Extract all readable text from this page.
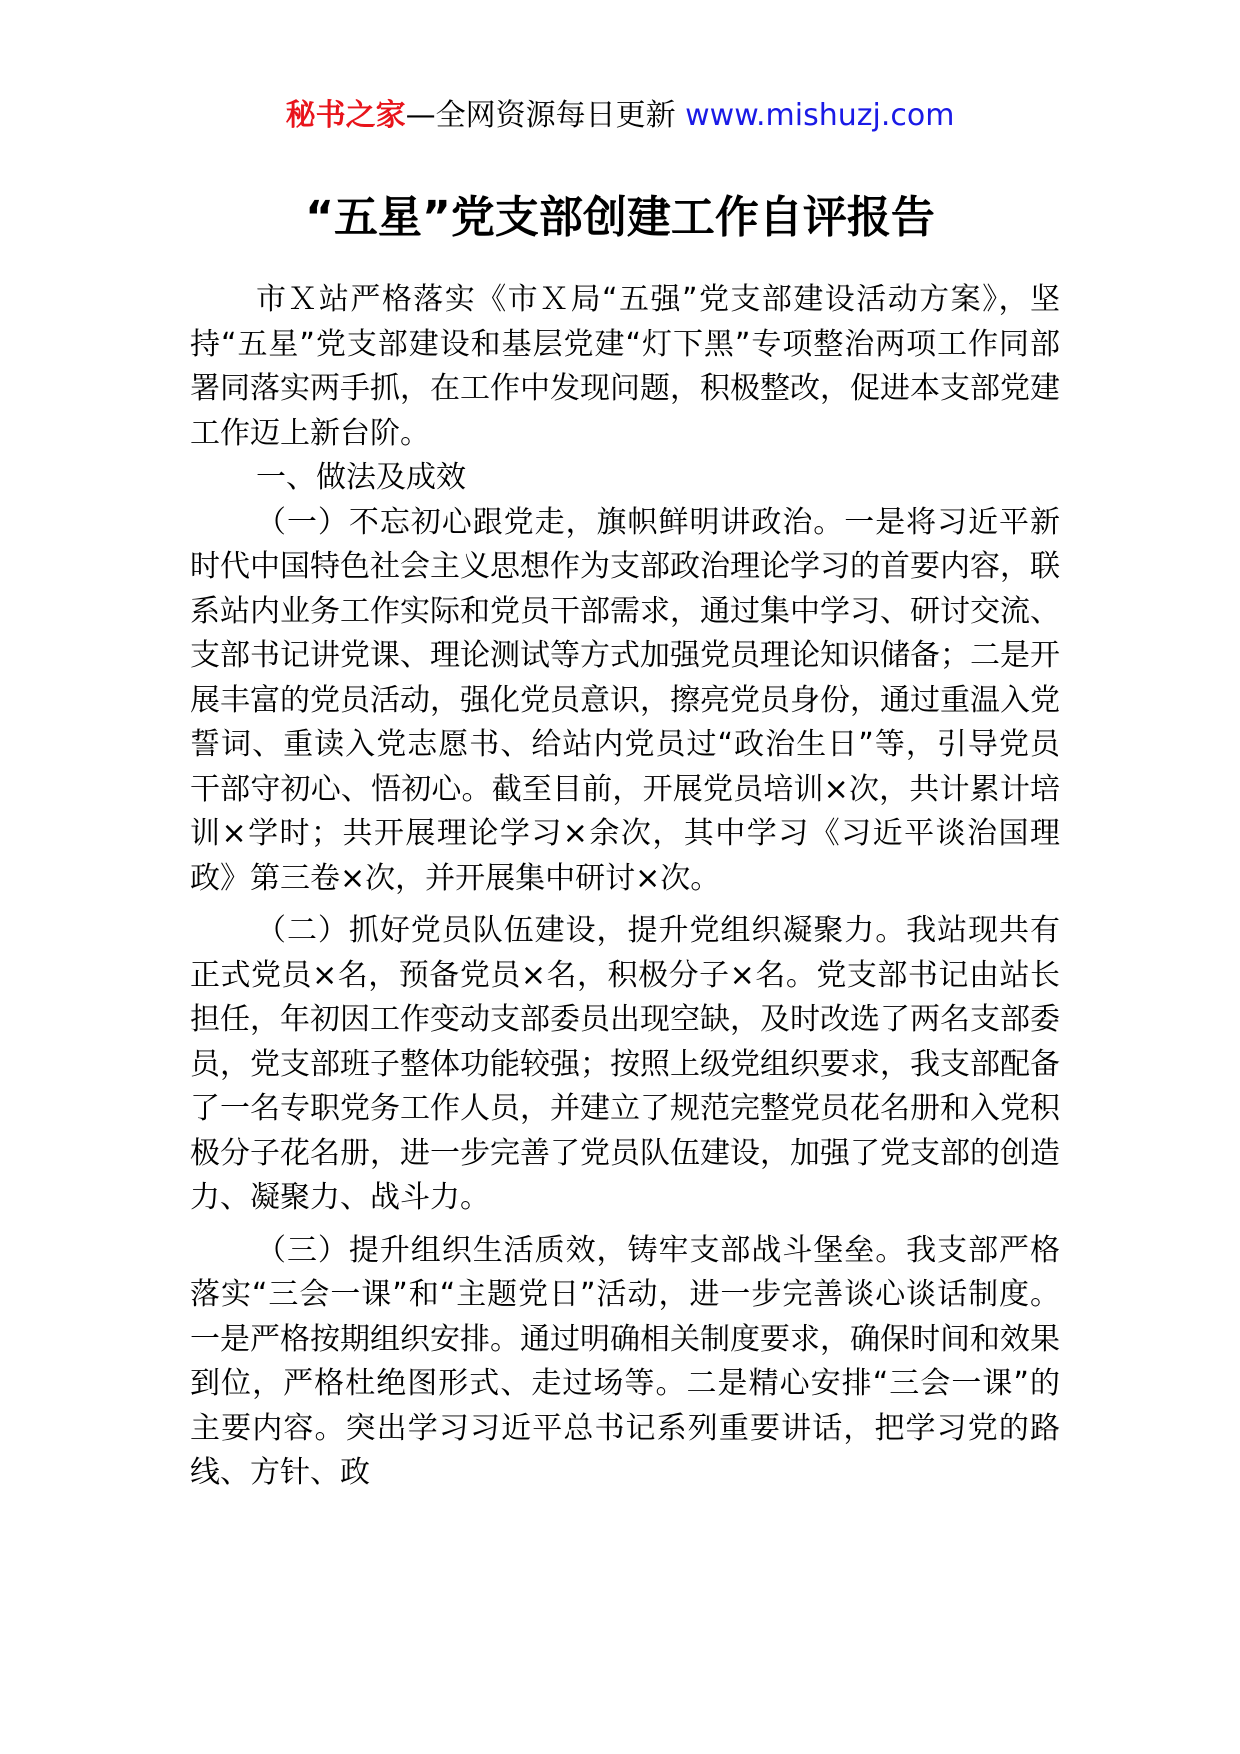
秘书之家—全网资源每日更新 www.mishuzj.com
“五星”党支部创建工作自评报告

市Ｘ站严格落实《市Ｘ局“五强”党支部建设活动方案》，坚持“五星”党支部建设和基层党建“灯下黑”专项整治两项工作同部署同落实两手抓，在工作中发现问题，积极整改，促进本支部党建工作迈上新台阶。

一、做法及成效

（一）不忘初心跟党走，旗帜鲜明讲政治。一是将习近平新时代中国特色社会主义思想作为支部政治理论学习的首要内容，联系站内业务工作实际和党员干部需求，通过集中学习、研讨交流、支部书记讲党课、理论测试等方式加强党员理论知识储备；二是开展丰富的党员活动，强化党员意识，擦亮党员身份，通过重温入党誓词、重读入党志愿书、给站内党员过“政治生日”等，引导党员干部守初心、悟初心。截至目前，开展党员培训×次，共计累计培训×学时；共开展理论学习×余次，其中学习《习近平谈治国理政》第三卷×次，并开展集中研讨×次。

（二）抓好党员队伍建设，提升党组织凝聚力。我站现共有正式党员×名，预备党员×名，积极分子×名。党支部书记由站长担任，年初因工作变动支部委员出现空缺，及时改选了两名支部委员，党支部班子整体功能较强；按照上级党组织要求，我支部配备了一名专职党务工作人员，并建立了规范完整党员花名册和入党积极分子花名册，进一步完善了党员队伍建设，加强了党支部的创造力、凝聚力、战斗力。

（三）提升组织生活质效，铸牢支部战斗堡垒。我支部严格落实“三会一课”和“主题党日”活动，进一步完善谈心谈话制度。一是严格按期组织安排。通过明确相关制度要求，确保时间和效果到位，严格杜绝图形式、走过场等。二是精心安排“三会一课”的主要内容。突出学习习近平总书记系列重要讲话，把学习党的路线、方针、政
